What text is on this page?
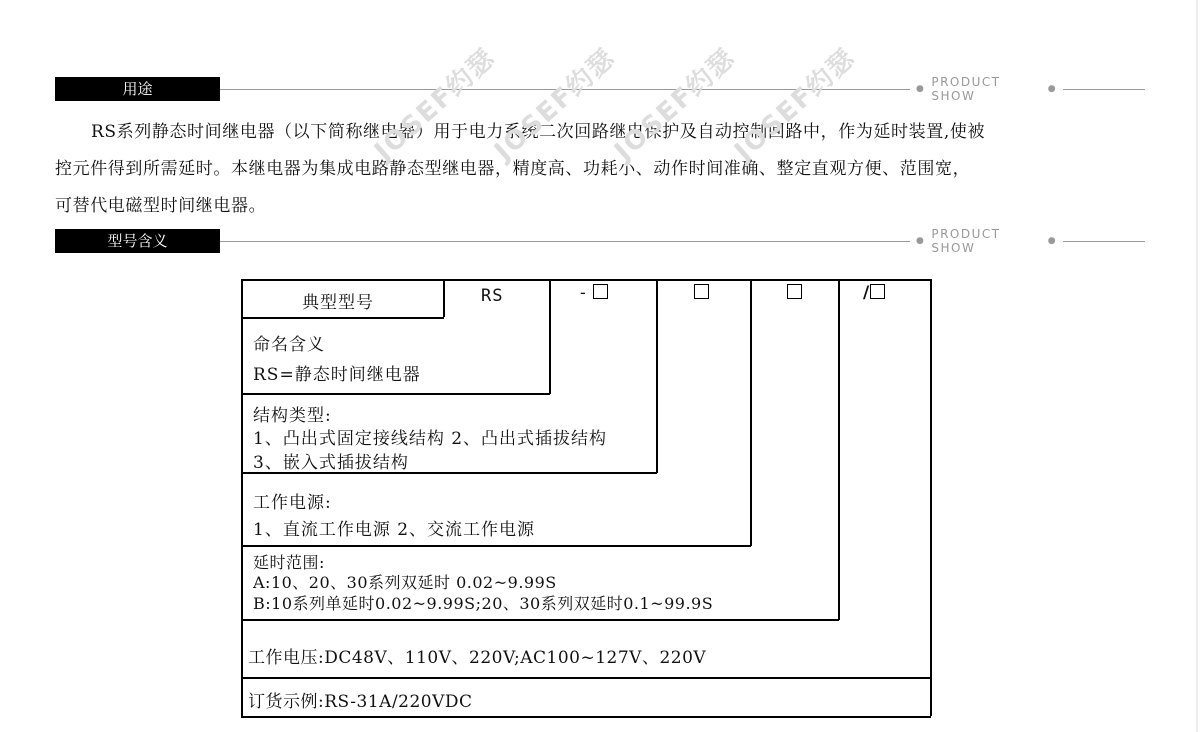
用途	● PRODUCT SHOW	●
RS系列静态时间继电器（以下简称继电器）用于电力系统二次回路继电保护及自动控制回路中，作为延时装置,使被
控元件得到所需延时。本继电器为集成电路静态型继电器，精度高、功耗小、动作时间准确、整定直观方便、范围宽，
可替代电磁型时间继电器。
JOSEF约瑟
JOSEF约瑟
JOSEF约瑟
JOSEF约瑟
型号含义	● PRODUCT SHOW	●
典型型号	RS	-	/
命名含义
RS=静态时间继电器
结构类型:
1、凸出式固定接线结构 2、凸出式插拔结构
3、嵌入式插拔结构
工作电源:
1、直流工作电源 2、交流工作电源
延时范围:
A:10、20、30系列双延时 0.02~9.99S
B:10系列单延时0.02~9.99S;20、30系列双延时0.1~99.9S
工作电压:DC48V、110V、220V;AC100~127V、220V
订货示例:RS-31A/220VDC
